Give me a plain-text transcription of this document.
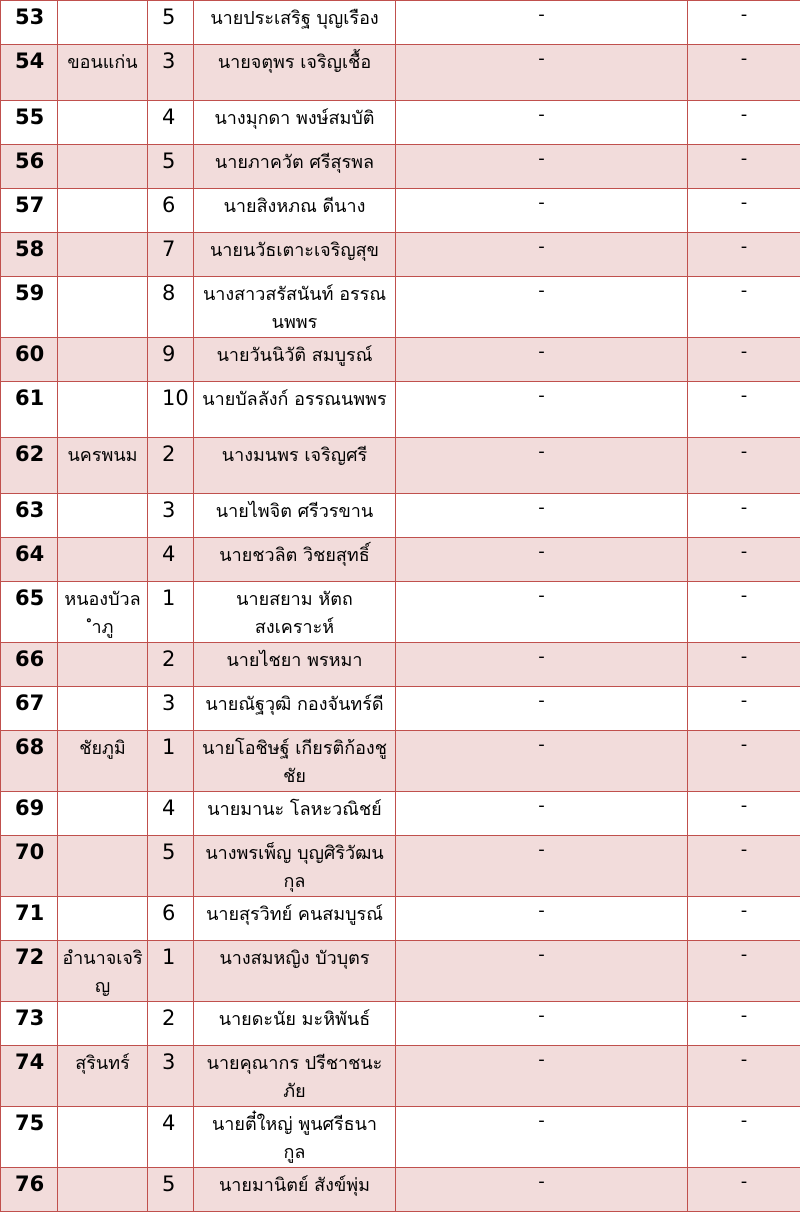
53		5	นายประเสริฐ บุญเรือง	-	-
54	ขอนแก่น	3	นายจตุพร เจริญเชื้อ	-	-
55		4	นางมุกดา พงษ์สมบัติ	-	-
56		5	นายภาควัต ศรีสุรพล	-	-
57		6	นายสิงหภณ ดีนาง	-	-
58		7	นายนวัธเตาะเจริญสุข	-	-
59		8	นางสาวสรัสนันท์ อรรณนพพร	-	-
60		9	นายวันนิวัติ สมบูรณ์	-	-
61		10	นายบัลลังก์ อรรณนพพร	-	-
62	นครพนม	2	นางมนพร เจริญศรี	-	-
63		3	นายไพจิต ศรีวรขาน	-	-
64		4	นายชวลิต วิชยสุทธิ์	-	-
65	หนองบัวลำภู	1	นายสยาม หัตถสงเคราะห์	-	-
66		2	นายไชยา พรหมา	-	-
67		3	นายณัฐวุฒิ กองจันทร์ดี	-	-
68	ชัยภูมิ	1	นายโอชิษฐ์ เกียรติก้องชูชัย	-	-
69		4	นายมานะ โลหะวณิชย์	-	-
70		5	นางพรเพ็ญ บุญศิริวัฒนกุล	-	-
71		6	นายสุรวิทย์ คนสมบูรณ์	-	-
72	อำนาจเจริญ	1	นางสมหญิง บัวบุตร	-	-
73		2	นายดะนัย มะหิพันธ์	-	-
74	สุรินทร์	3	นายคุณากร ปรีชาชนะภัย	-	-
75		4	นายตี๋ใหญ่ พูนศรีธนากูล	-	-
76		5	นายมานิตย์ สังข์พุ่ม	-	-
